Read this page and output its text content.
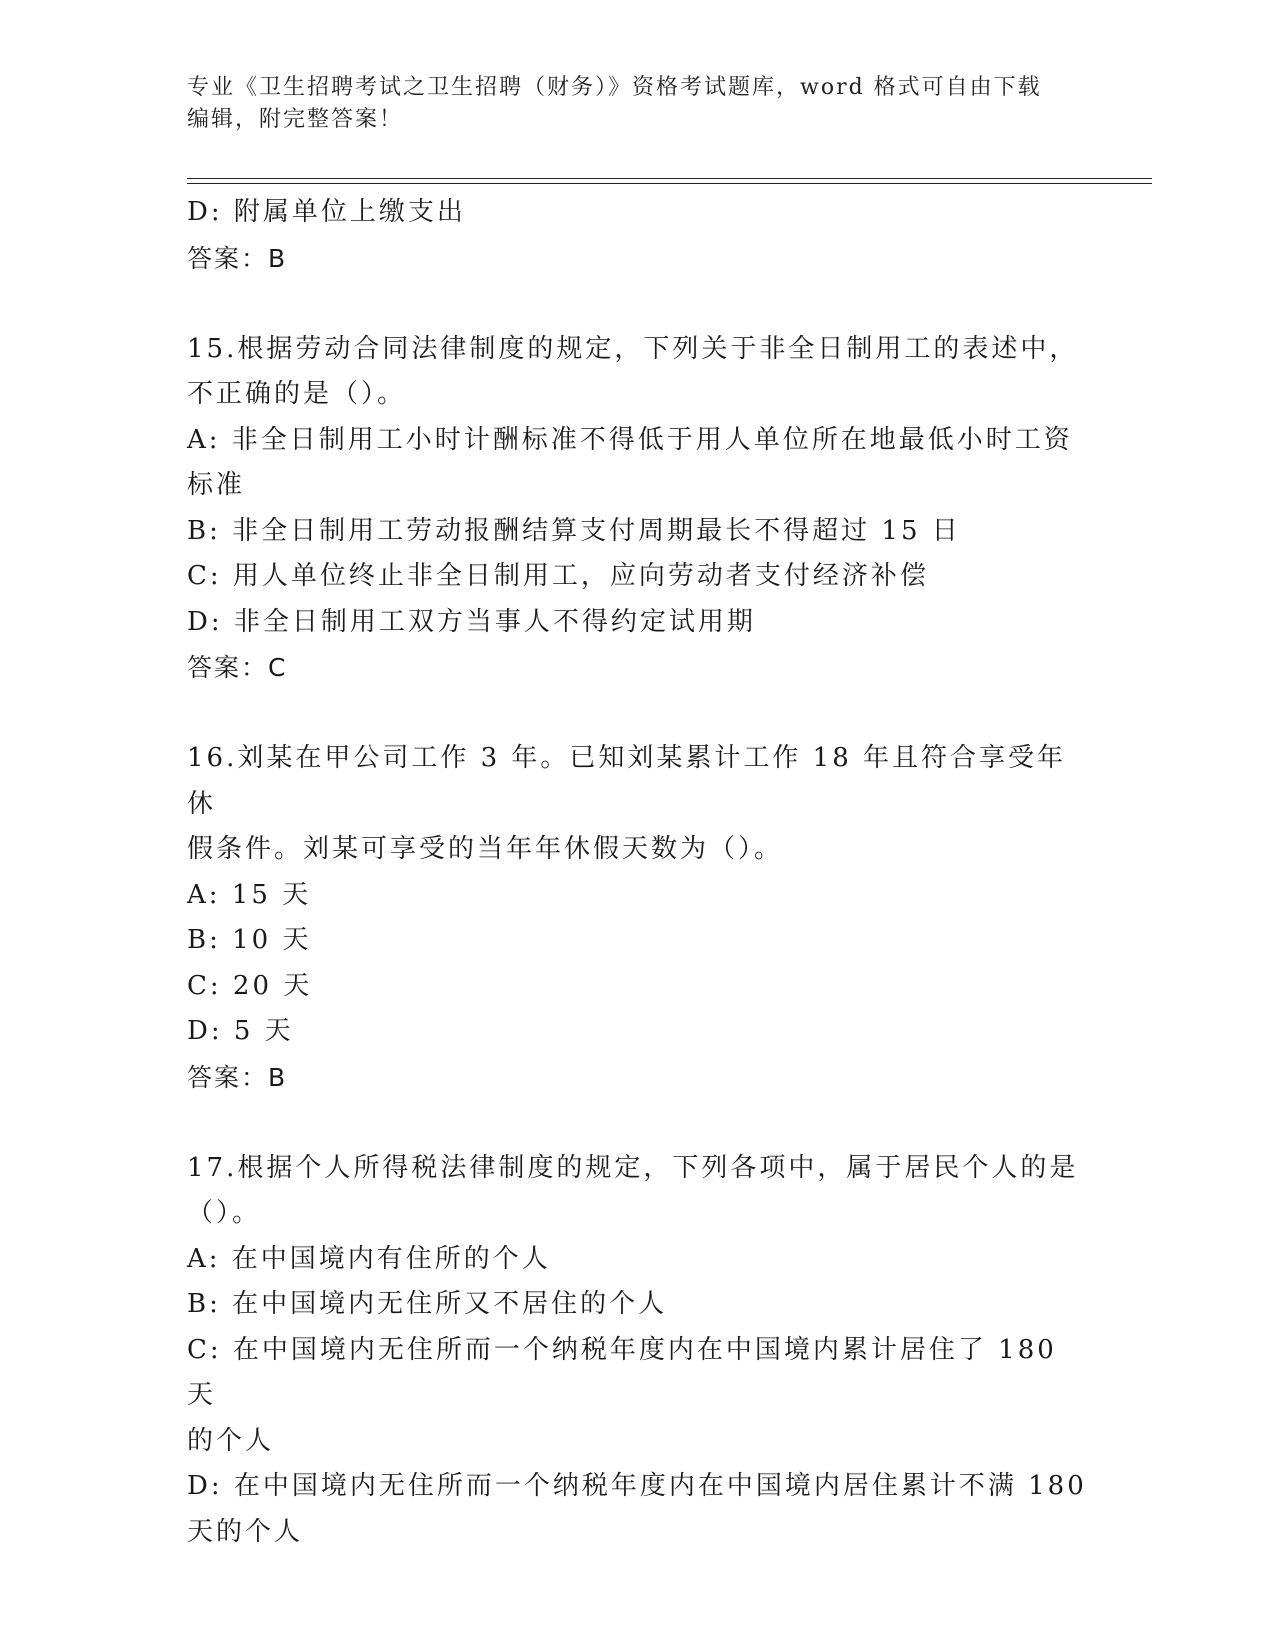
专业《卫生招聘考试之卫生招聘（财务）》资格考试题库，word 格式可自由下载
编辑，附完整答案！

D: 附属单位上缴支出

答案：B

15.根据劳动合同法律制度的规定，下列关于非全日制用工的表述中，

不正确的是（）。

A: 非全日制用工小时计酬标准不得低于用人单位所在地最低小时工资

标准

B: 非全日制用工劳动报酬结算支付周期最长不得超过 15 日

C: 用人单位终止非全日制用工，应向劳动者支付经济补偿

D: 非全日制用工双方当事人不得约定试用期

答案：C

16.刘某在甲公司工作 3 年。已知刘某累计工作 18 年且符合享受年休

假条件。刘某可享受的当年年休假天数为（）。

A: 15 天

B: 10 天

C: 20 天

D: 5 天

答案：B

17.根据个人所得税法律制度的规定，下列各项中，属于居民个人的是

（）。

A: 在中国境内有住所的个人

B: 在中国境内无住所又不居住的个人

C: 在中国境内无住所而一个纳税年度内在中国境内累计居住了 180 天

的个人

D: 在中国境内无住所而一个纳税年度内在中国境内居住累计不满 180

天的个人
